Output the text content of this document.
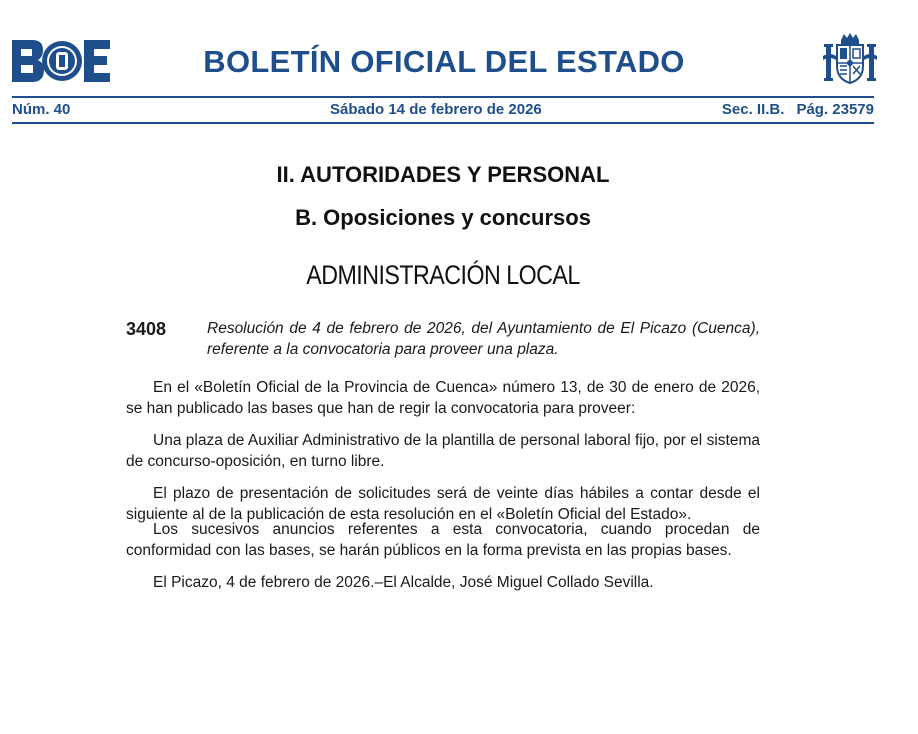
BOLETÍN OFICIAL DEL ESTADO
Núm. 40	Sábado 14 de febrero de 2026	Sec. II.B. Pág. 23579
II. AUTORIDADES Y PERSONAL
B. Oposiciones y concursos
ADMINISTRACIÓN LOCAL
3408	Resolución de 4 de febrero de 2026, del Ayuntamiento de El Picazo (Cuenca), referente a la convocatoria para proveer una plaza.

En el «Boletín Oficial de la Provincia de Cuenca» número 13, de 30 de enero de 2026, se han publicado las bases que han de regir la convocatoria para proveer:

Una plaza de Auxiliar Administrativo de la plantilla de personal laboral fijo, por el sistema de concurso-oposición, en turno libre.

El plazo de presentación de solicitudes será de veinte días hábiles a contar desde el siguiente al de la publicación de esta resolución en el «Boletín Oficial del Estado».

Los sucesivos anuncios referentes a esta convocatoria, cuando procedan de conformidad con las bases, se harán públicos en la forma prevista en las propias bases.

El Picazo, 4 de febrero de 2026.–El Alcalde, José Miguel Collado Sevilla.
